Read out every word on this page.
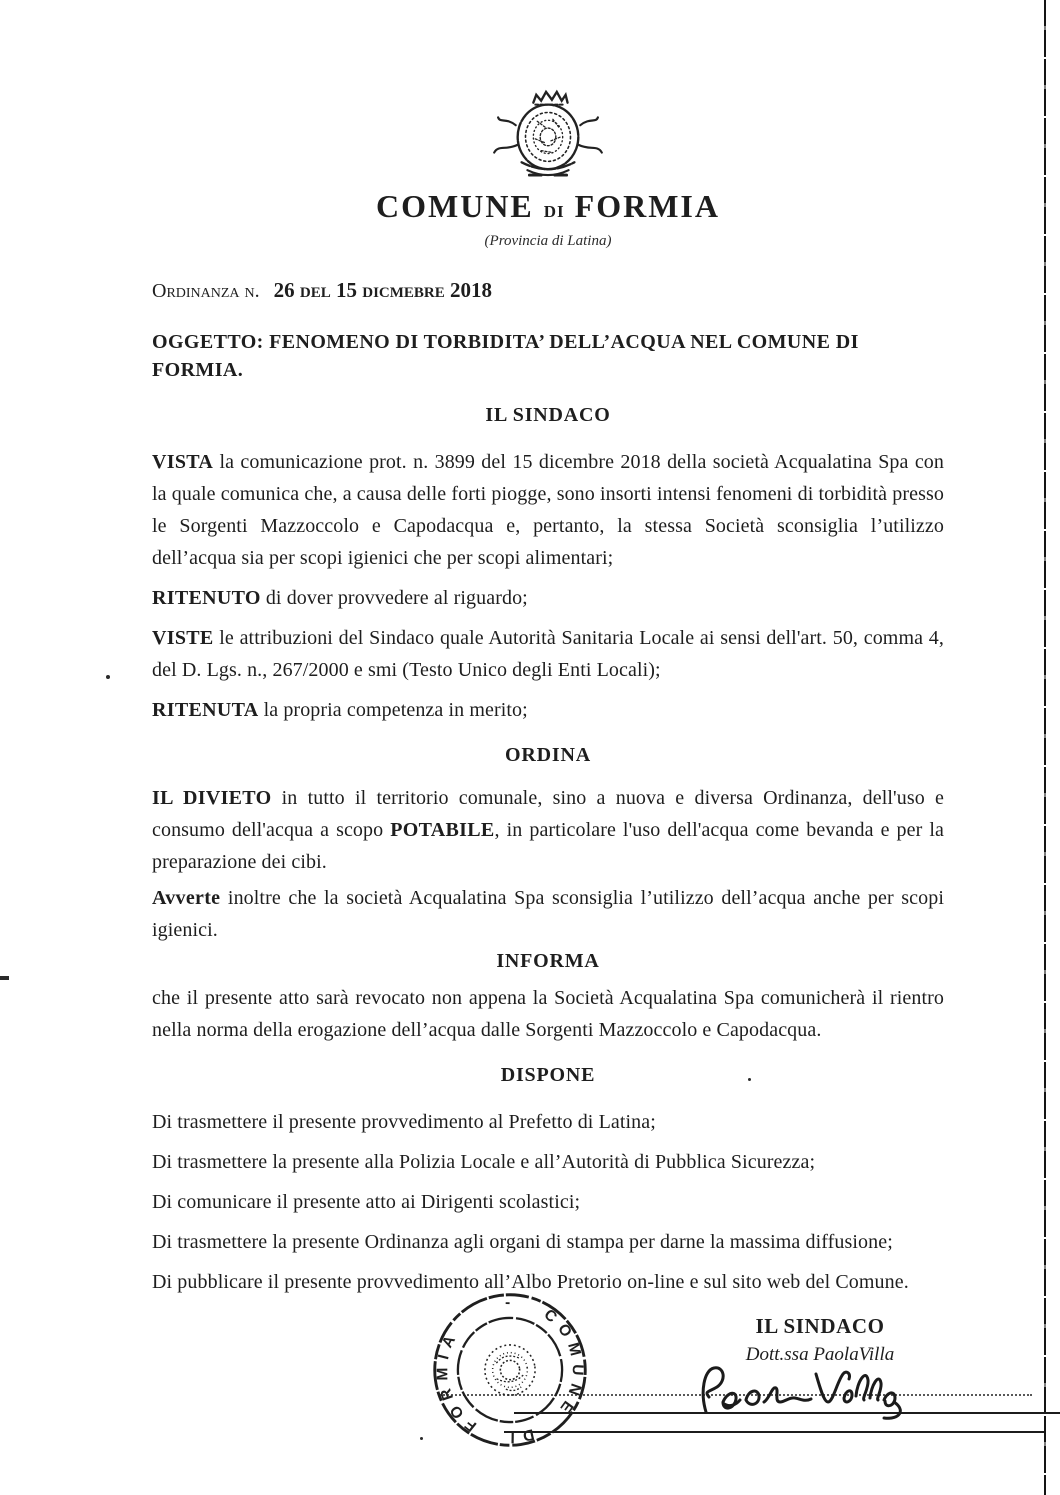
COMUNE di FORMIA
(Provincia di Latina)

Ordinanza n. 26 del 15 dicmebre 2018

OGGETTO: FENOMENO DI TORBIDITA’ DELL’ACQUA NEL COMUNE DI FORMIA.

IL SINDACO

VISTA la comunicazione prot. n. 3899 del 15 dicembre 2018 della società Acqualatina Spa con la quale comunica che, a causa delle forti piogge, sono insorti intensi fenomeni di torbidità presso le Sorgenti Mazzoccolo e Capodacqua e, pertanto, la stessa Società sconsiglia l’utilizzo dell’acqua sia per scopi igienici che per scopi alimentari;

RITENUTO di dover provvedere al riguardo;

VISTE le attribuzioni del Sindaco quale Autorità Sanitaria Locale ai sensi dell'art. 50, comma 4, del D. Lgs. n., 267/2000 e smi (Testo Unico degli Enti Locali);

RITENUTA la propria competenza in merito;

ORDINA

IL DIVIETO in tutto il territorio comunale, sino a nuova e diversa Ordinanza, dell'uso e consumo dell'acqua a scopo POTABILE, in particolare l'uso dell'acqua come bevanda e per la preparazione dei cibi.

Avverte inoltre che la società Acqualatina Spa sconsiglia l’utilizzo dell’acqua anche per scopi igienici.

INFORMA

che il presente atto sarà revocato non appena la Società Acqualatina Spa comunicherà il rientro nella norma della erogazione dell’acqua dalle Sorgenti Mazzoccolo e Capodacqua.

DISPONE

Di trasmettere il presente provvedimento al Prefetto di Latina;

Di trasmettere la presente alla Polizia Locale e all’Autorità di Pubblica Sicurezza;

Di comunicare il presente atto ai Dirigenti scolastici;

Di trasmettere la presente Ordinanza agli organi di stampa per darne la massima diffusione;

Di pubblicare il presente provvedimento all’Albo Pretorio on-line e sul sito web del Comune.

- COMUNE DI FORMIA
IL SINDACO
Dott.ssa PaolaVilla
